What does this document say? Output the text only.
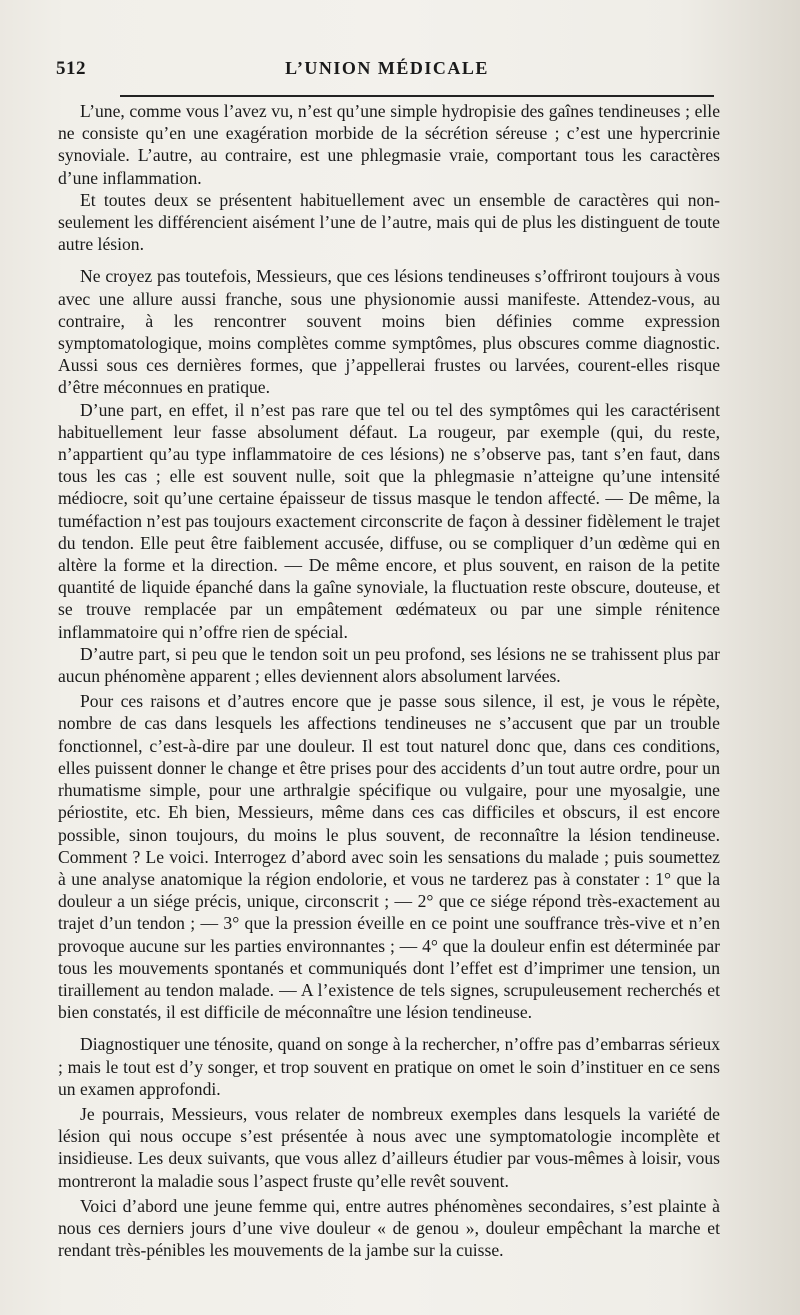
512	L’UNION MÉDICALE

L’une, comme vous l’avez vu, n’est qu’une simple hydropisie des gaînes tendineuses ; elle ne consiste qu’en une exagération morbide de la sécrétion séreuse ; c’est une hypercrinie synoviale. L’autre, au contraire, est une phlegmasie vraie, comportant tous les caractères d’une inflammation.

Et toutes deux se présentent habituellement avec un ensemble de caractères qui non-seulement les différencient aisément l’une de l’autre, mais qui de plus les distinguent de toute autre lésion.

Ne croyez pas toutefois, Messieurs, que ces lésions tendineuses s’offriront toujours à vous avec une allure aussi franche, sous une physionomie aussi manifeste. Attendez-vous, au contraire, à les rencontrer souvent moins bien définies comme expression symptomatologique, moins complètes comme symptômes, plus obscures comme diagnostic. Aussi sous ces dernières formes, que j’appellerai frustes ou larvées, courent-elles risque d’être méconnues en pratique.

D’une part, en effet, il n’est pas rare que tel ou tel des symptômes qui les caractérisent habituellement leur fasse absolument défaut. La rougeur, par exemple (qui, du reste, n’appartient qu’au type inflammatoire de ces lésions) ne s’observe pas, tant s’en faut, dans tous les cas ; elle est souvent nulle, soit que la phlegmasie n’atteigne qu’une intensité médiocre, soit qu’une certaine épaisseur de tissus masque le tendon affecté. — De même, la tuméfaction n’est pas toujours exactement circonscrite de façon à dessiner fidèlement le trajet du tendon. Elle peut être faiblement accusée, diffuse, ou se compliquer d’un œdème qui en altère la forme et la direction. — De même encore, et plus souvent, en raison de la petite quantité de liquide épanché dans la gaîne synoviale, la fluctuation reste obscure, douteuse, et se trouve remplacée par un empâtement œdémateux ou par une simple rénitence inflammatoire qui n’offre rien de spécial.

D’autre part, si peu que le tendon soit un peu profond, ses lésions ne se trahissent plus par aucun phénomène apparent ; elles deviennent alors absolument larvées.

Pour ces raisons et d’autres encore que je passe sous silence, il est, je vous le répète, nombre de cas dans lesquels les affections tendineuses ne s’accusent que par un trouble fonctionnel, c’est-à-dire par une douleur. Il est tout naturel donc que, dans ces conditions, elles puissent donner le change et être prises pour des accidents d’un tout autre ordre, pour un rhumatisme simple, pour une arthralgie spécifique ou vulgaire, pour une myosalgie, une périostite, etc. Eh bien, Messieurs, même dans ces cas difficiles et obscurs, il est encore possible, sinon toujours, du moins le plus souvent, de reconnaître la lésion tendineuse. Comment ? Le voici. Interrogez d’abord avec soin les sensations du malade ; puis soumettez à une analyse anatomique la région endolorie, et vous ne tarderez pas à constater : 1° que la douleur a un siége précis, unique, circonscrit ; — 2° que ce siége répond très-exactement au trajet d’un tendon ; — 3° que la pression éveille en ce point une souffrance très-vive et n’en provoque aucune sur les parties environnantes ; — 4° que la douleur enfin est déterminée par tous les mouvements spontanés et communiqués dont l’effet est d’imprimer une tension, un tiraillement au tendon malade. — A l’existence de tels signes, scrupuleusement recherchés et bien constatés, il est difficile de méconnaître une lésion tendineuse.

Diagnostiquer une ténosite, quand on songe à la rechercher, n’offre pas d’embarras sérieux ; mais le tout est d’y songer, et trop souvent en pratique on omet le soin d’instituer en ce sens un examen approfondi.

Je pourrais, Messieurs, vous relater de nombreux exemples dans lesquels la variété de lésion qui nous occupe s’est présentée à nous avec une symptomatologie incomplète et insidieuse. Les deux suivants, que vous allez d’ailleurs étudier par vous-mêmes à loisir, vous montreront la maladie sous l’aspect fruste qu’elle revêt souvent.

Voici d’abord une jeune femme qui, entre autres phénomènes secondaires, s’est plainte à nous ces derniers jours d’une vive douleur « de genou », douleur empêchant la marche et rendant très-pénibles les mouvements de la jambe sur la cuisse.
